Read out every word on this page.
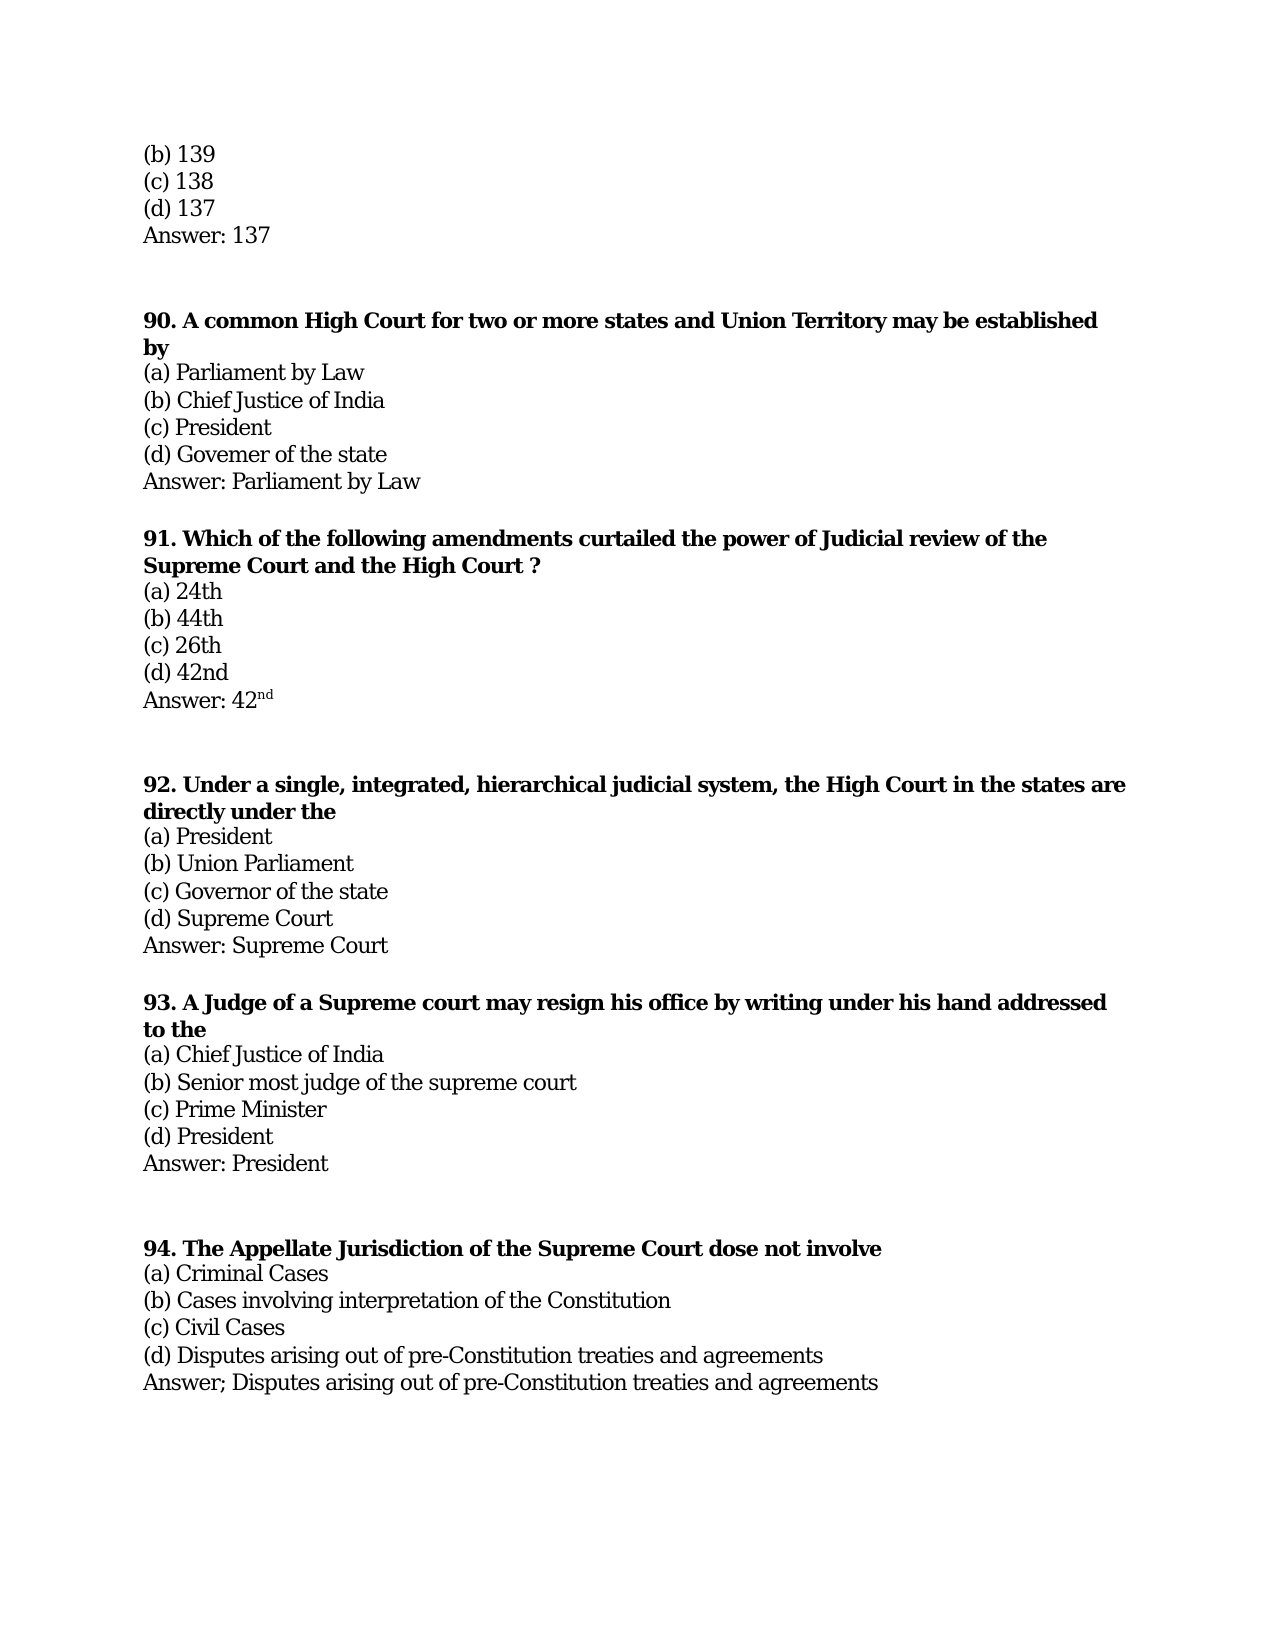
(b) 139
(c) 138
(d) 137
Answer: 137
90. A common High Court for two or more states and Union Territory may be established
by
(a) Parliament by Law
(b) Chief Justice of India
(c) President
(d) Govemer of the state
Answer: Parliament by Law
91. Which of the following amendments curtailed the power of Judicial review of the
Supreme Court and the High Court ?
(a) 24th
(b) 44th
(c) 26th
(d) 42nd
Answer: 42nd
92. Under a single, integrated, hierarchical judicial system, the High Court in the states are
directly under the
(a) President
(b) Union Parliament
(c) Governor of the state
(d) Supreme Court
Answer: Supreme Court
93. A Judge of a Supreme court may resign his office by writing under his hand addressed
to the
(a) Chief Justice of India
(b) Senior most judge of the supreme court
(c) Prime Minister
(d) President
Answer: President
94. The Appellate Jurisdiction of the Supreme Court dose not involve
(a) Criminal Cases
(b) Cases involving interpretation of the Constitution
(c) Civil Cases
(d) Disputes arising out of pre-Constitution treaties and agreements
Answer; Disputes arising out of pre-Constitution treaties and agreements
